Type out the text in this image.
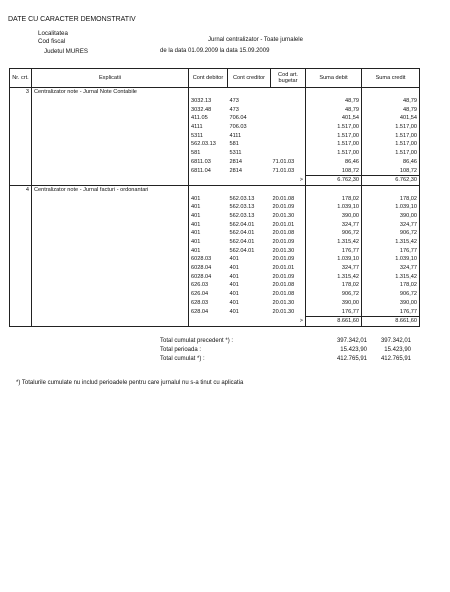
DATE CU CARACTER DEMONSTRATIV
Localitatea
Cod fiscal
Judetul MURES
Jurnal centralizator - Toate jurnalele
de la data 01.09.2009 la data 15.09.2009
Nr. crt.	Explicatii	Cont debitor	Cont creditor	Cod art. bugetar	Suma debit	Suma credit
3	Centralizator note - Jurnal Note Contabile					
		3032.13	473		48,79	48,79
		3032.48	473		48,79	48,79
		411.05	706.04		401,54	401,54
		4111	706.03		1.517,00	1.517,00
		5311	4111		1.517,00	1.517,00
		562.03.13	581		1.517,00	1.517,00
		581	5311		1.517,00	1.517,00
		6811.03	2814	71.01.03	86,46	86,46
		6811.04	2814	71.01.03	108,72	108,72
				>	6.762,30	6.762,30
4	Centralizator note - Jurnal facturi - ordonantari					
		401	562.03.13	20.01.08	178,02	178,02
		401	562.03.13	20.01.09	1.039,10	1.039,10
		401	562.03.13	20.01.30	390,00	390,00
		401	562.04.01	20.01.01	324,77	324,77
		401	562.04.01	20.01.08	906,72	906,72
		401	562.04.01	20.01.09	1.315,42	1.315,42
		401	562.04.01	20.01.30	176,77	176,77
		6028.03	401	20.01.09	1.039,10	1.039,10
		6028.04	401	20.01.01	324,77	324,77
		6028.04	401	20.01.09	1.315,42	1.315,42
		626.03	401	20.01.08	178,02	178,02
		626.04	401	20.01.08	906,72	906,72
		628.03	401	20.01.30	390,00	390,00
		628.04	401	20.01.30	176,77	176,77
				>	8.661,60	8.661,60
Total cumulat precedent *) :	397.342,01 397.342,01
Total perioada :	15.423,90	15.423,90
Total cumulat *) :	412.765,91 412.765,91
*) Totalurile cumulate nu includ perioadele pentru care jurnalul nu s-a tinut cu aplicatia
